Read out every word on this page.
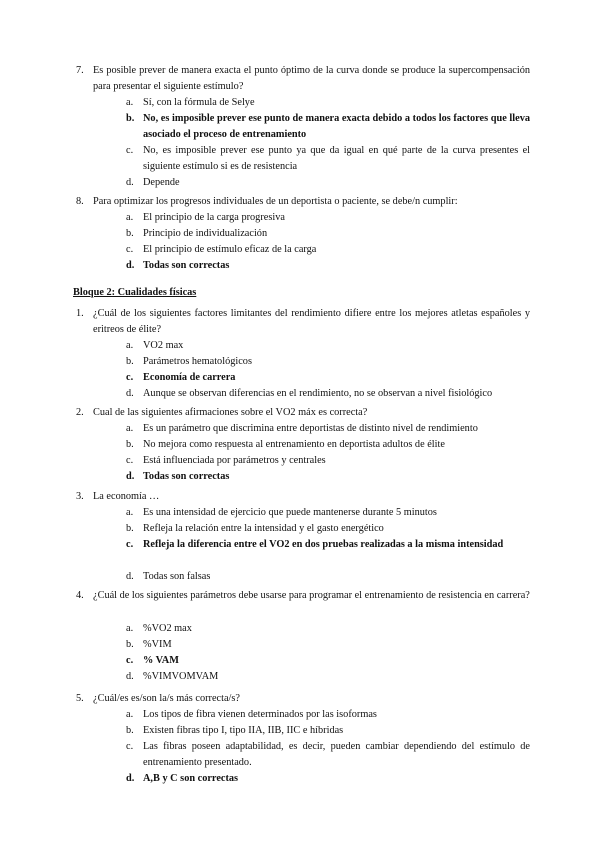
7. Es posible prever de manera exacta el punto óptimo de la curva donde se produce la supercompensación para presentar el siguiente estímulo?
a. Sí, con la fórmula de Selye
b. No, es imposible prever ese punto de manera exacta debido a todos los factores que lleva asociado el proceso de entrenamiento
c. No, es imposible prever ese punto ya que da igual en qué parte de la curva presentes el siguiente estímulo si es de resistencia
d. Depende
8. Para optimizar los progresos individuales de un deportista o paciente, se debe/n cumplir:
a. El principio de la carga progresiva
b. Principio de individualización
c. El principio de estímulo eficaz de la carga
d. Todas son correctas
Bloque 2: Cualidades físicas
1. ¿Cuál de los siguientes factores limitantes del rendimiento difiere entre los mejores atletas españoles y eritreos de élite?
a. VO2 max
b. Parámetros hematológicos
c. Economía de carrera
d. Aunque se observan diferencias en el rendimiento, no se observan a nivel fisiológico
2. Cual de las siguientes afirmaciones sobre el VO2 máx es correcta?
a. Es un parámetro que discrimina entre deportistas de distinto nivel de rendimiento
b. No mejora como respuesta al entrenamiento en deportista adultos de élite
c. Está influenciada por parámetros y centrales
d. Todas son correctas
3. La economía …
a. Es una intensidad de ejercicio que puede mantenerse durante 5 minutos
b. Refleja la relación entre la intensidad y el gasto energético
c. Refleja la diferencia entre el VO2 en dos pruebas realizadas a la misma intensidad
d. Todas son falsas
4. ¿Cuál de los siguientes parámetros debe usarse para programar el entrenamiento de resistencia en carrera?
a. %VO2 max
b. %VIM
c. % VAM
d. %VIMVOMVAM
5. ¿Cuál/es es/son la/s más correcta/s?
a. Los tipos de fibra vienen determinados por las isoformas
b. Existen fibras tipo I, tipo IIA, IIB, IIC e híbridas
c. Las fibras poseen adaptabilidad, es decir, pueden cambiar dependiendo del estímulo de entrenamiento presentado.
d. A,B y C son correctas
